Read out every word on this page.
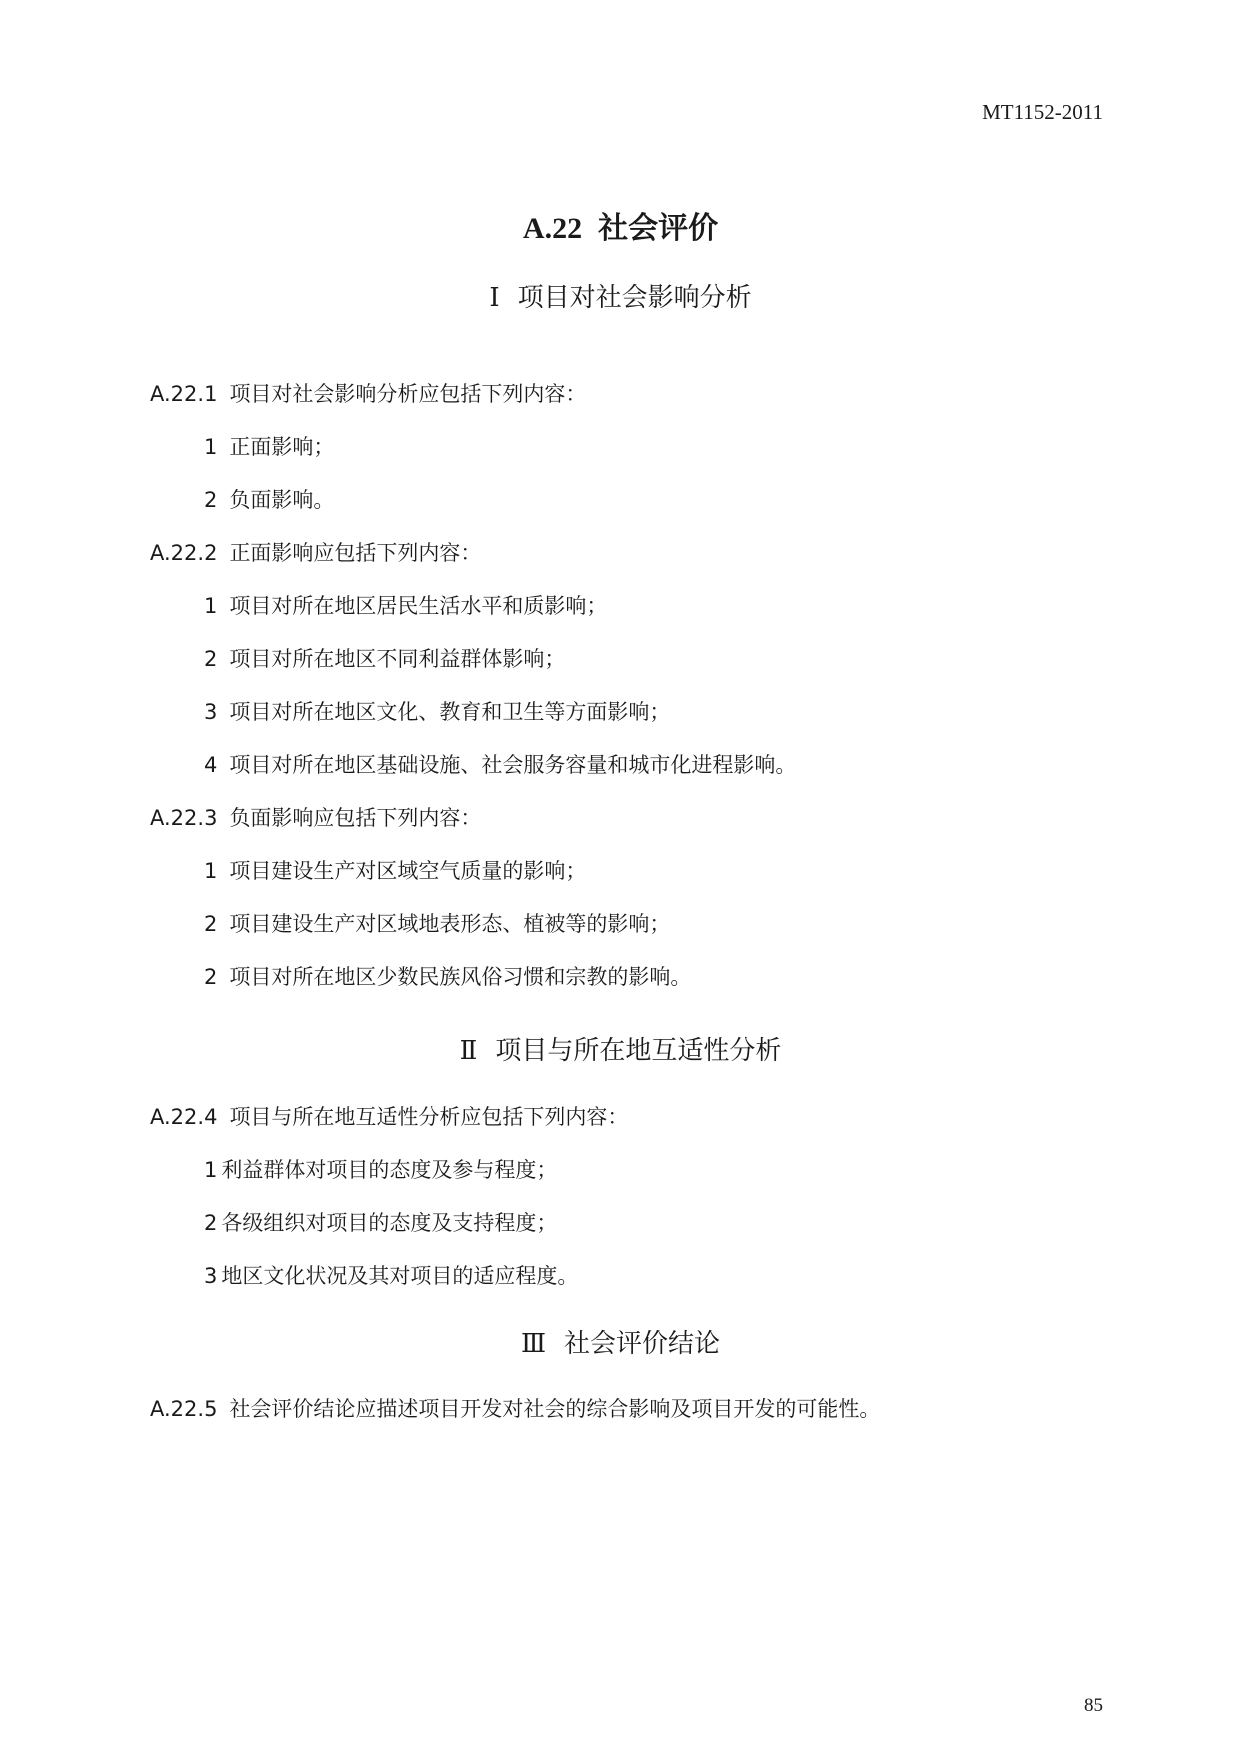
MT1152-2011
A.22 社会评价
Ⅰ 项目对社会影响分析
A.22.1 项目对社会影响分析应包括下列内容：
1 正面影响；
2 负面影响。
A.22.2 正面影响应包括下列内容：
1 项目对所在地区居民生活水平和质影响；
2 项目对所在地区不同利益群体影响；
3 项目对所在地区文化、教育和卫生等方面影响；
4 项目对所在地区基础设施、社会服务容量和城市化进程影响。
A.22.3 负面影响应包括下列内容：
1 项目建设生产对区域空气质量的影响；
2 项目建设生产对区域地表形态、植被等的影响；
2 项目对所在地区少数民族风俗习惯和宗教的影响。
Ⅱ 项目与所在地互适性分析
A.22.4 项目与所在地互适性分析应包括下列内容：
1 利益群体对项目的态度及参与程度；
2 各级组织对项目的态度及支持程度；
3 地区文化状况及其对项目的适应程度。
Ⅲ 社会评价结论
A.22.5 社会评价结论应描述项目开发对社会的综合影响及项目开发的可能性。
85
